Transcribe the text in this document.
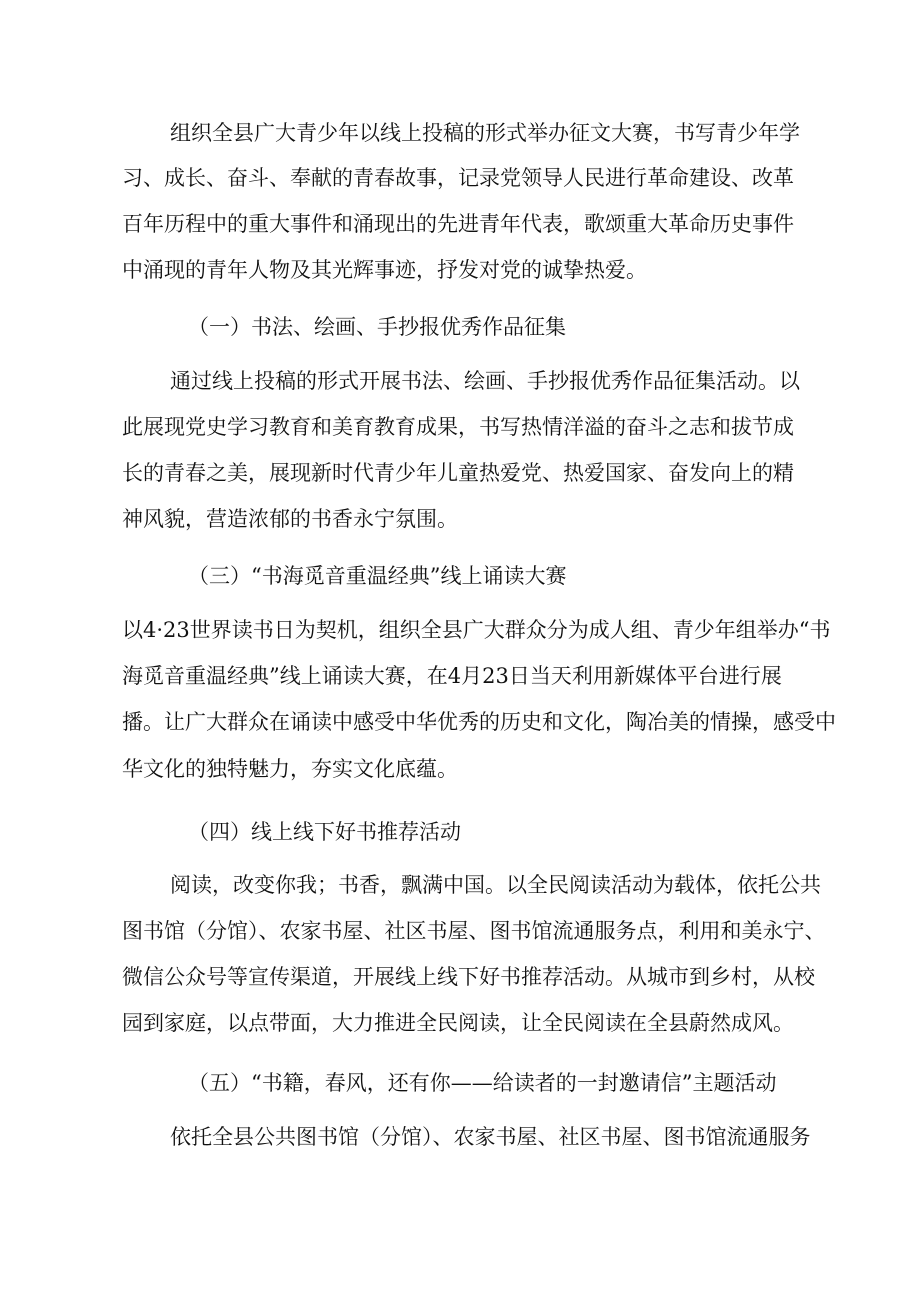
组织全县广大青少年以线上投稿的形式举办征文大赛，书写青少年学
习、成长、奋斗、奉献的青春故事，记录党领导人民进行革命建设、改革
百年历程中的重大事件和涌现出的先进青年代表，歌颂重大革命历史事件
中涌现的青年人物及其光辉事迹，抒发对党的诚挚热爱。
（一）书法、绘画、手抄报优秀作品征集
通过线上投稿的形式开展书法、绘画、手抄报优秀作品征集活动。以
此展现党史学习教育和美育教育成果，书写热情洋溢的奋斗之志和拔节成
长的青春之美，展现新时代青少年儿童热爱党、热爱国家、奋发向上的精
神风貌，营造浓郁的书香永宁氛围。
（三）“书海觅音重温经典”线上诵读大赛
以4·23世界读书日为契机，组织全县广大群众分为成人组、青少年组举办“书
海觅音重温经典”线上诵读大赛，在4月23日当天利用新媒体平台进行展
播。让广大群众在诵读中感受中华优秀的历史和文化，陶冶美的情操，感受中
华文化的独特魅力，夯实文化底蕴。
（四）线上线下好书推荐活动
阅读，改变你我；书香，飘满中国。以全民阅读活动为载体，依托公共
图书馆（分馆）、农家书屋、社区书屋、图书馆流通服务点，利用和美永宁、
微信公众号等宣传渠道，开展线上线下好书推荐活动。从城市到乡村，从校
园到家庭，以点带面，大力推进全民阅读，让全民阅读在全县蔚然成风。
（五）“书籍，春风，还有你——给读者的一封邀请信”主题活动
依托全县公共图书馆（分馆）、农家书屋、社区书屋、图书馆流通服务
